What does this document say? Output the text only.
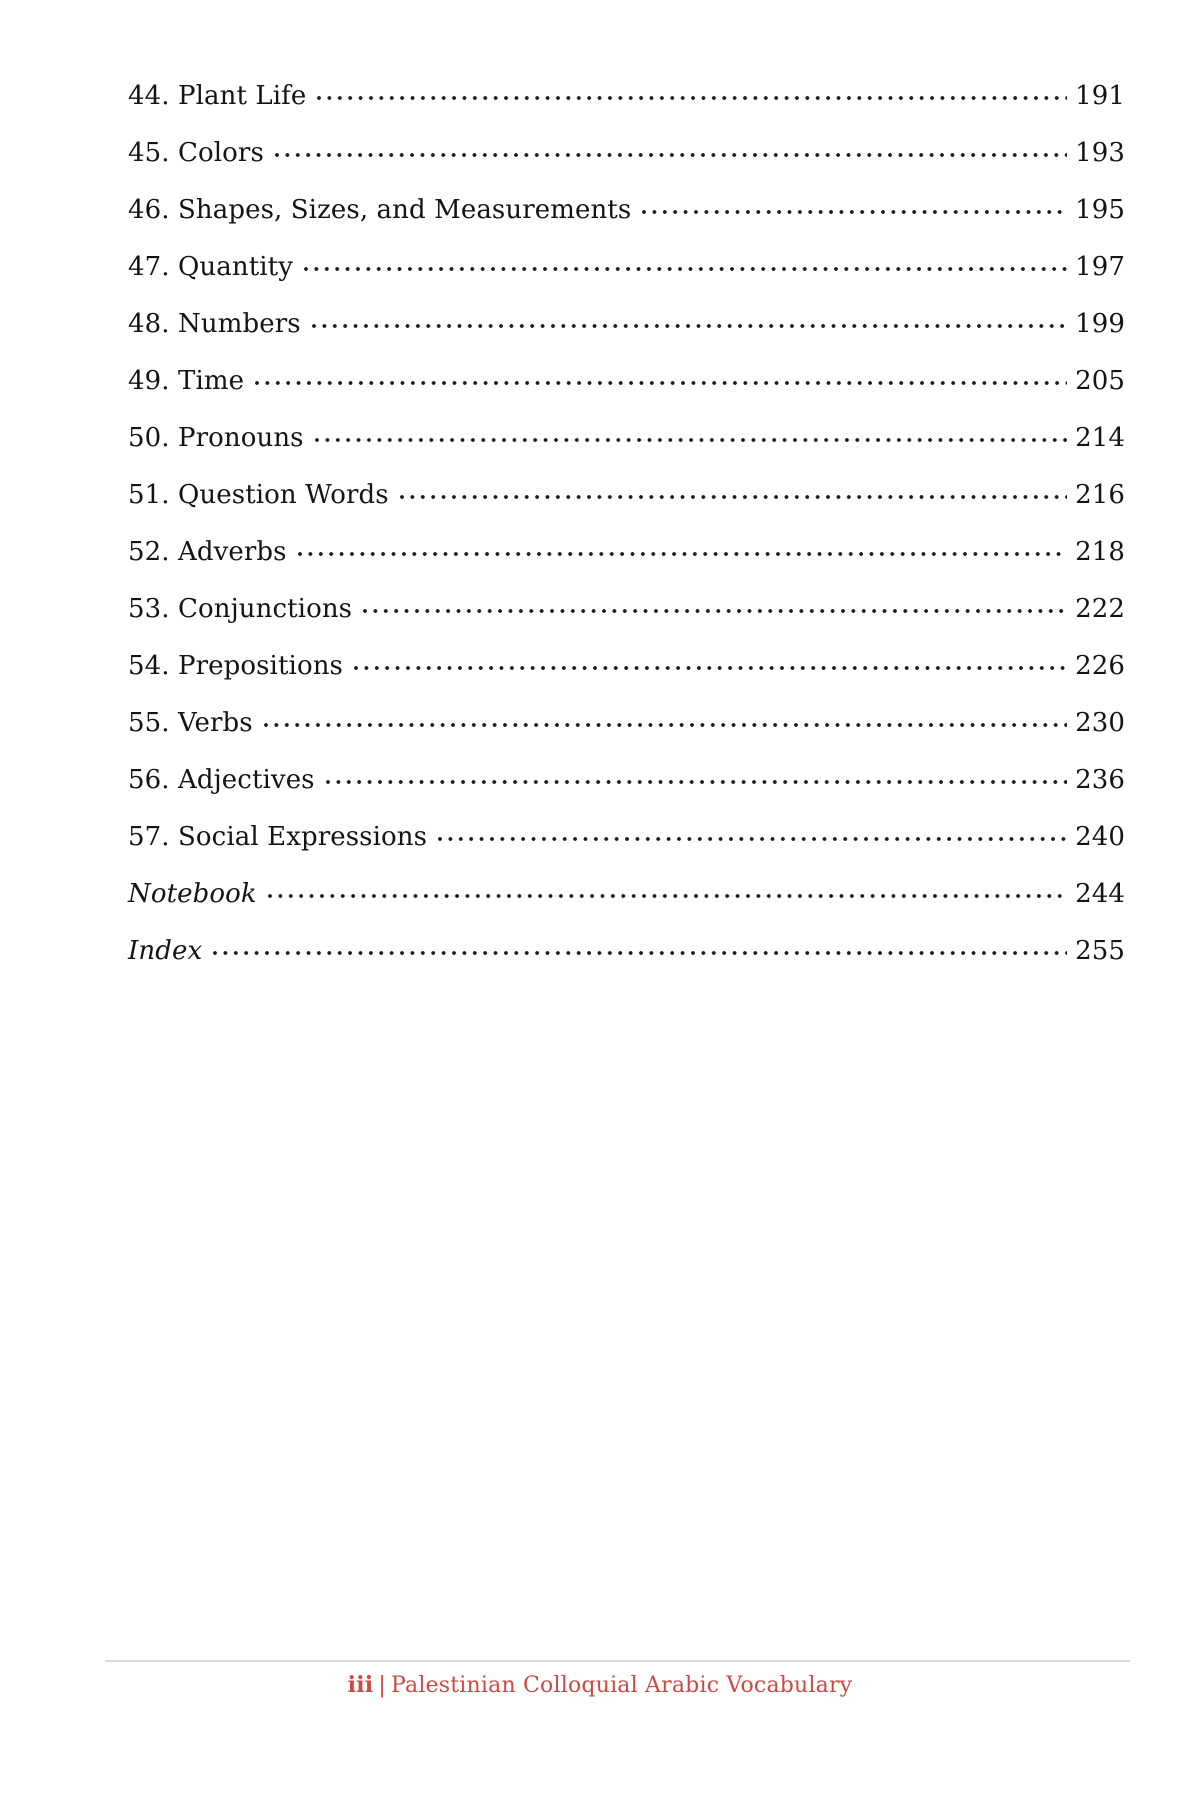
44. Plant Life	191
45. Colors	193
46. Shapes, Sizes, and Measurements	195
47. Quantity	197
48. Numbers	199
49. Time	205
50. Pronouns	214
51. Question Words	216
52. Adverbs	218
53. Conjunctions	222
54. Prepositions	226
55. Verbs	230
56. Adjectives	236
57. Social Expressions	240
Notebook	244
Index	255
iii | Palestinian Colloquial Arabic Vocabulary
